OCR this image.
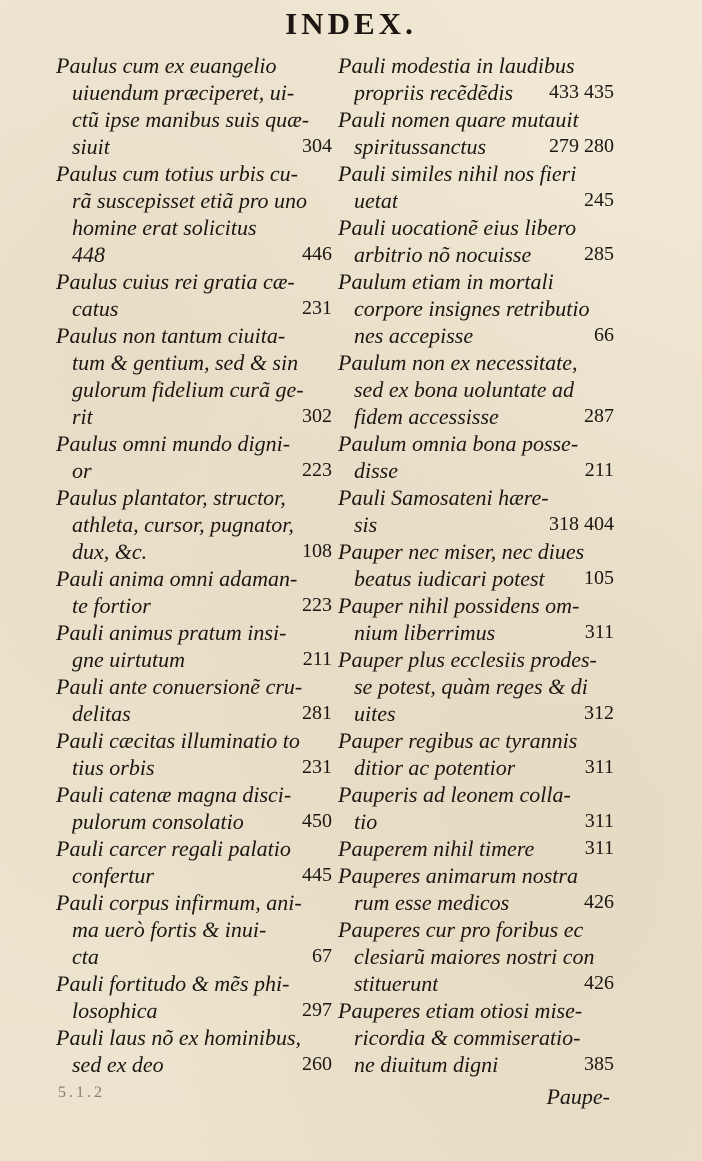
INDEX.
Paulus cum ex euangelio
uiuendum præciperet, ui-
ctũ ipse manibus suis quæ-
siuit	304
Paulus cum totius urbis cu-
rã suscepisset etiã pro uno
homine erat solicitus
448	446
Paulus cuius rei gratia cæ-
catus	231
Paulus non tantum ciuita-
tum & gentium, sed & sin
gulorum fidelium curã ge-
rit	302
Paulus omni mundo digni-
or	223
Paulus plantator, structor,
athleta, cursor, pugnator,
dux, &c.	108
Pauli anima omni adaman-
te fortior	223
Pauli animus pratum insi-
gne uirtutum	211
Pauli ante conuersionẽ cru-
delitas	281
Pauli cæcitas illuminatio to
tius orbis	231
Pauli catenæ magna disci-
pulorum consolatio	450
Pauli carcer regali palatio
confertur	445
Pauli corpus infirmum, ani-
ma uerò fortis & inui-
cta	67
Pauli fortitudo & mẽs phi-
losophica	297
Pauli laus nõ ex hominibus,
sed ex deo	260
Pauli modestia in laudibus
propriis recẽdẽdis	433 435
Pauli nomen quare mutauit
spiritussanctus	279 280
Pauli similes nihil nos fieri
uetat	245
Pauli uocationẽ eius libero
arbitrio nõ nocuisse	285
Paulum etiam in mortali
corpore insignes retributio
nes accepisse	66
Paulum non ex necessitate,
sed ex bona uoluntate ad
fidem accessisse	287
Paulum omnia bona posse-
disse	211
Pauli Samosateni hære-
sis	318 404
Pauper nec miser, nec diues
beatus iudicari potest	105
Pauper nihil possidens om-
nium liberrimus	311
Pauper plus ecclesiis prodes-
se potest, quàm reges & di
uites	312
Pauper regibus ac tyrannis
ditior ac potentior	311
Pauperis ad leonem colla-
tio	311
Pauperem nihil timere	311
Pauperes animarum nostra
rum esse medicos	426
Pauperes cur pro foribus ec
clesiarũ maiores nostri con
stituerunt	426
Pauperes etiam otiosi mise-
ricordia & commiseratio-
ne diuitum digni	385
5.1.2	Paupe-
